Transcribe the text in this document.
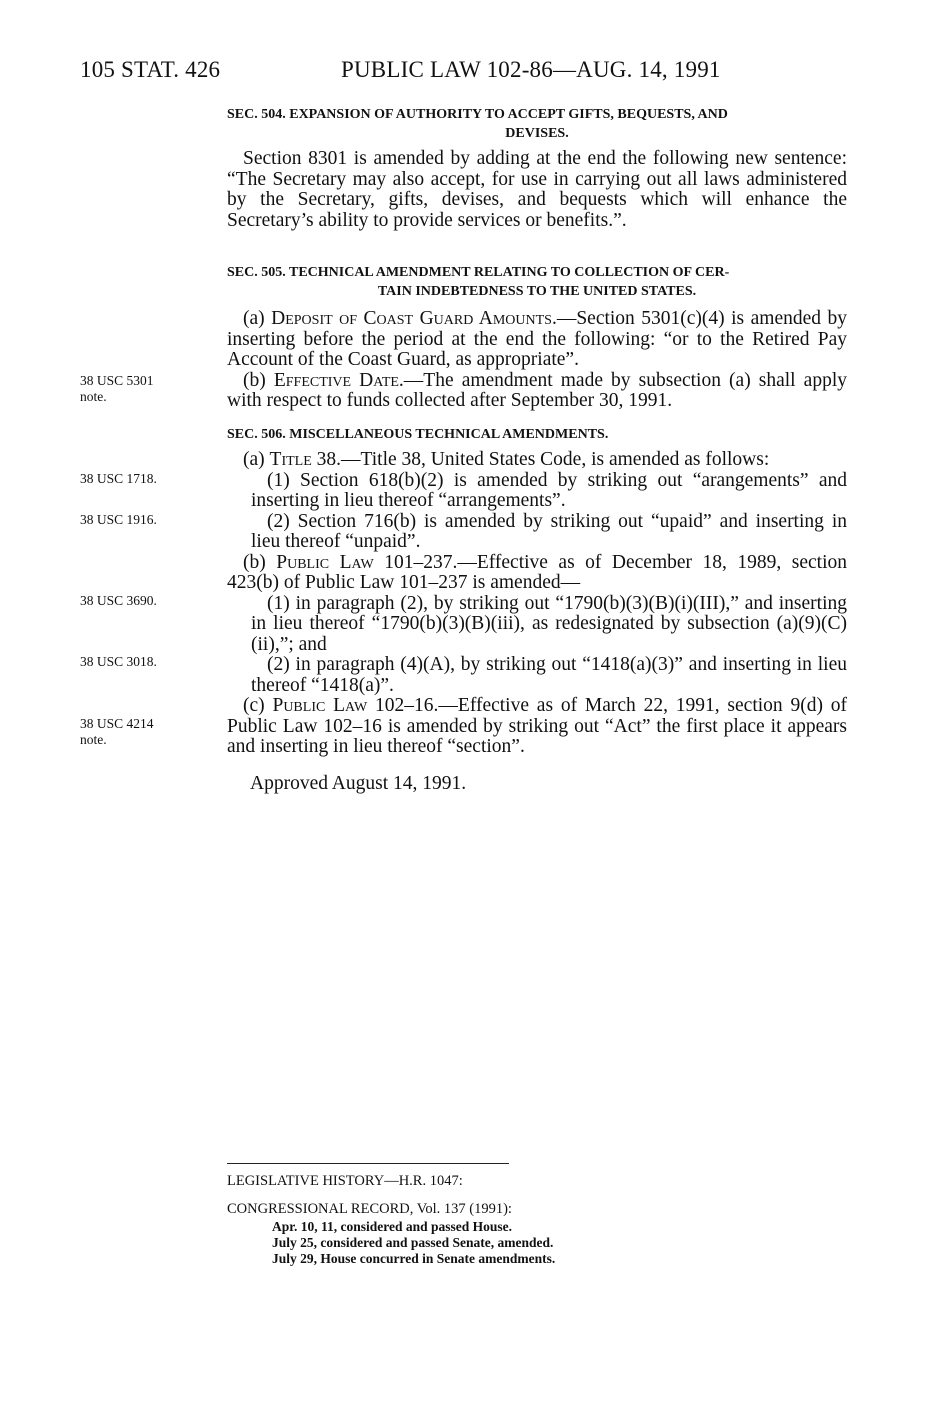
105 STAT. 426	PUBLIC LAW 102-86—AUG. 14, 1991
SEC. 504. EXPANSION OF AUTHORITY TO ACCEPT GIFTS, BEQUESTS, AND
DEVISES.

Section 8301 is amended by adding at the end the following new sentence: “The Secretary may also accept, for use in carrying out all laws administered by the Secretary, gifts, devises, and bequests which will enhance the Secretary’s ability to provide services or benefits.”.

SEC. 505. TECHNICAL AMENDMENT RELATING TO COLLECTION OF CER-
TAIN INDEBTEDNESS TO THE UNITED STATES.

(a) Deposit of Coast Guard Amounts.—Section 5301(c)(4) is amended by inserting before the period at the end the following: “or to the Retired Pay Account of the Coast Guard, as appropriate”.

(b) Effective Date.—The amendment made by subsection (a) shall apply with respect to funds collected after September 30, 1991.

SEC. 506. MISCELLANEOUS TECHNICAL AMENDMENTS.

(a) Title 38.—Title 38, United States Code, is amended as follows:

(1) Section 618(b)(2) is amended by striking out “arangements” and inserting in lieu thereof “arrangements”.

(2) Section 716(b) is amended by striking out “upaid” and inserting in lieu thereof “unpaid”.

(b) Public Law 101–237.—Effective as of December 18, 1989, section 423(b) of Public Law 101–237 is amended—

(1) in paragraph (2), by striking out “1790(b)(3)(B)(i)(III),” and inserting in lieu thereof “1790(b)(3)(B)(iii), as redesignated by subsection (a)(9)(C)(ii),”; and

(2) in paragraph (4)(A), by striking out “1418(a)(3)” and inserting in lieu thereof “1418(a)”.

(c) Public Law 102–16.—Effective as of March 22, 1991, section 9(d) of Public Law 102–16 is amended by striking out “Act” the first place it appears and inserting in lieu thereof “section”.

38 USC 5301
note.
38 USC 1718.
38 USC 1916.
38 USC 3690.
38 USC 3018.
38 USC 4214
note.
Approved August 14, 1991.
LEGISLATIVE HISTORY—H.R. 1047:
CONGRESSIONAL RECORD, Vol. 137 (1991):
Apr. 10, 11, considered and passed House.
July 25, considered and passed Senate, amended.
July 29, House concurred in Senate amendments.
